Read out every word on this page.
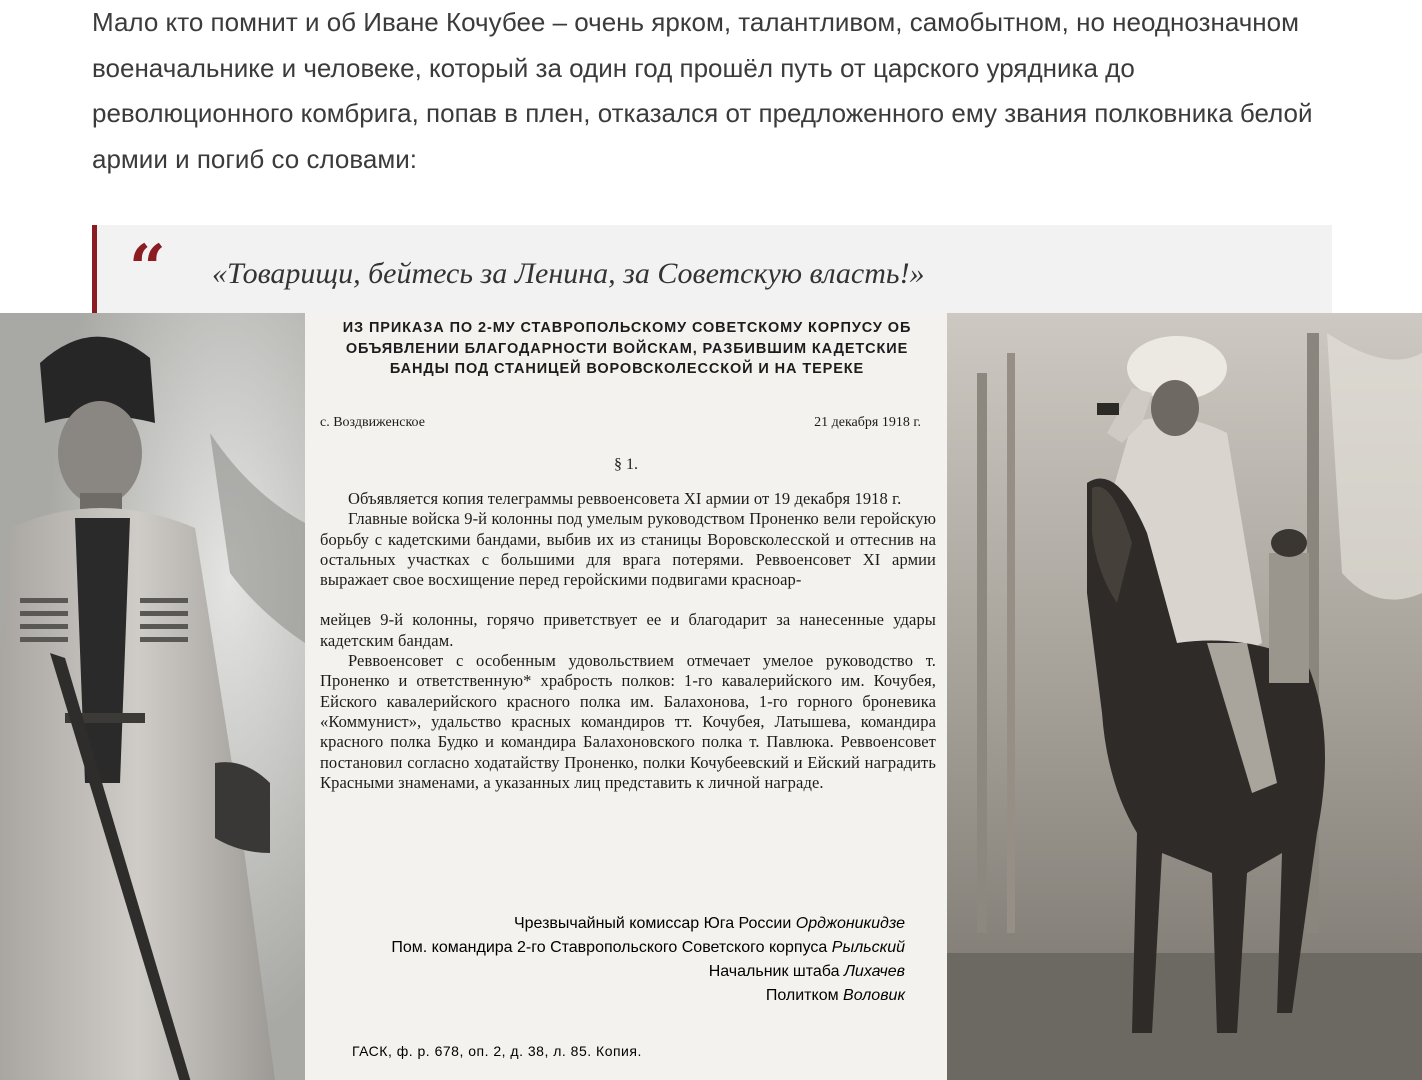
Мало кто помнит и об Иване Кочубее – очень ярком, талантливом, самобытном, но неоднозначном военачальнике и человеке, который за один год прошёл путь от царского урядника до революционного комбрига, попав в плен, отказался от предложенного ему звания полковника белой армии и погиб со словами:
“ «Товарищи, бейтесь за Ленина, за Советскую власть!»
ИЗ ПРИКАЗА ПО 2-МУ СТАВРОПОЛЬСКОМУ СОВЕТСКОМУ КОРПУСУ ОБ ОБЪЯВЛЕНИИ БЛАГОДАРНОСТИ ВОЙСКАМ, РАЗБИВШИМ КАДЕТСКИЕ БАНДЫ ПОД СТАНИЦЕЙ ВОРОВСКОЛЕССКОЙ И НА ТЕРЕКЕ
с. Воздвиженское	21 декабря 1918 г.
§ 1.

Объявляется копия телеграммы реввоенсовета XI армии от 19 декабря 1918 г.

Главные войска 9-й колонны под умелым руководством Проненко вели геройскую борьбу с кадетскими бандами, выбив их из станицы Воровсколесской и оттеснив на остальных участках с большими для врага потерями. Реввоенсовет XI армии выражает свое восхищение перед геройскими подвигами красноар-

мейцев 9-й колонны, горячо приветствует ее и благодарит за нанесенные удары кадетским бандам.

Реввоенсовет с особенным удовольствием отмечает умелое руководство т. Проненко и ответственную* храбрость полков: 1-го кавалерийского им. Кочубея, Ейского кавалерийского красного полка им. Балахонова, 1-го горного броневика «Коммунист», удальство красных командиров тт. Кочубея, Латышева, командира красного полка Будко и командира Балахоновского полка т. Павлюка. Реввоенсовет постановил согласно ходатайству Проненко, полки Кочубеевский и Ейский наградить Красными знаменами, а указанных лиц представить к личной награде.

Чрезвычайный комиссар Юга России Орджоникидзе
Пом. командира 2-го Ставропольского Советского корпуса Рыльский
Начальник штаба Лихачев
Политком Воловик
ГАСК, ф. р. 678, оп. 2, д. 38, л. 85. Копия.
